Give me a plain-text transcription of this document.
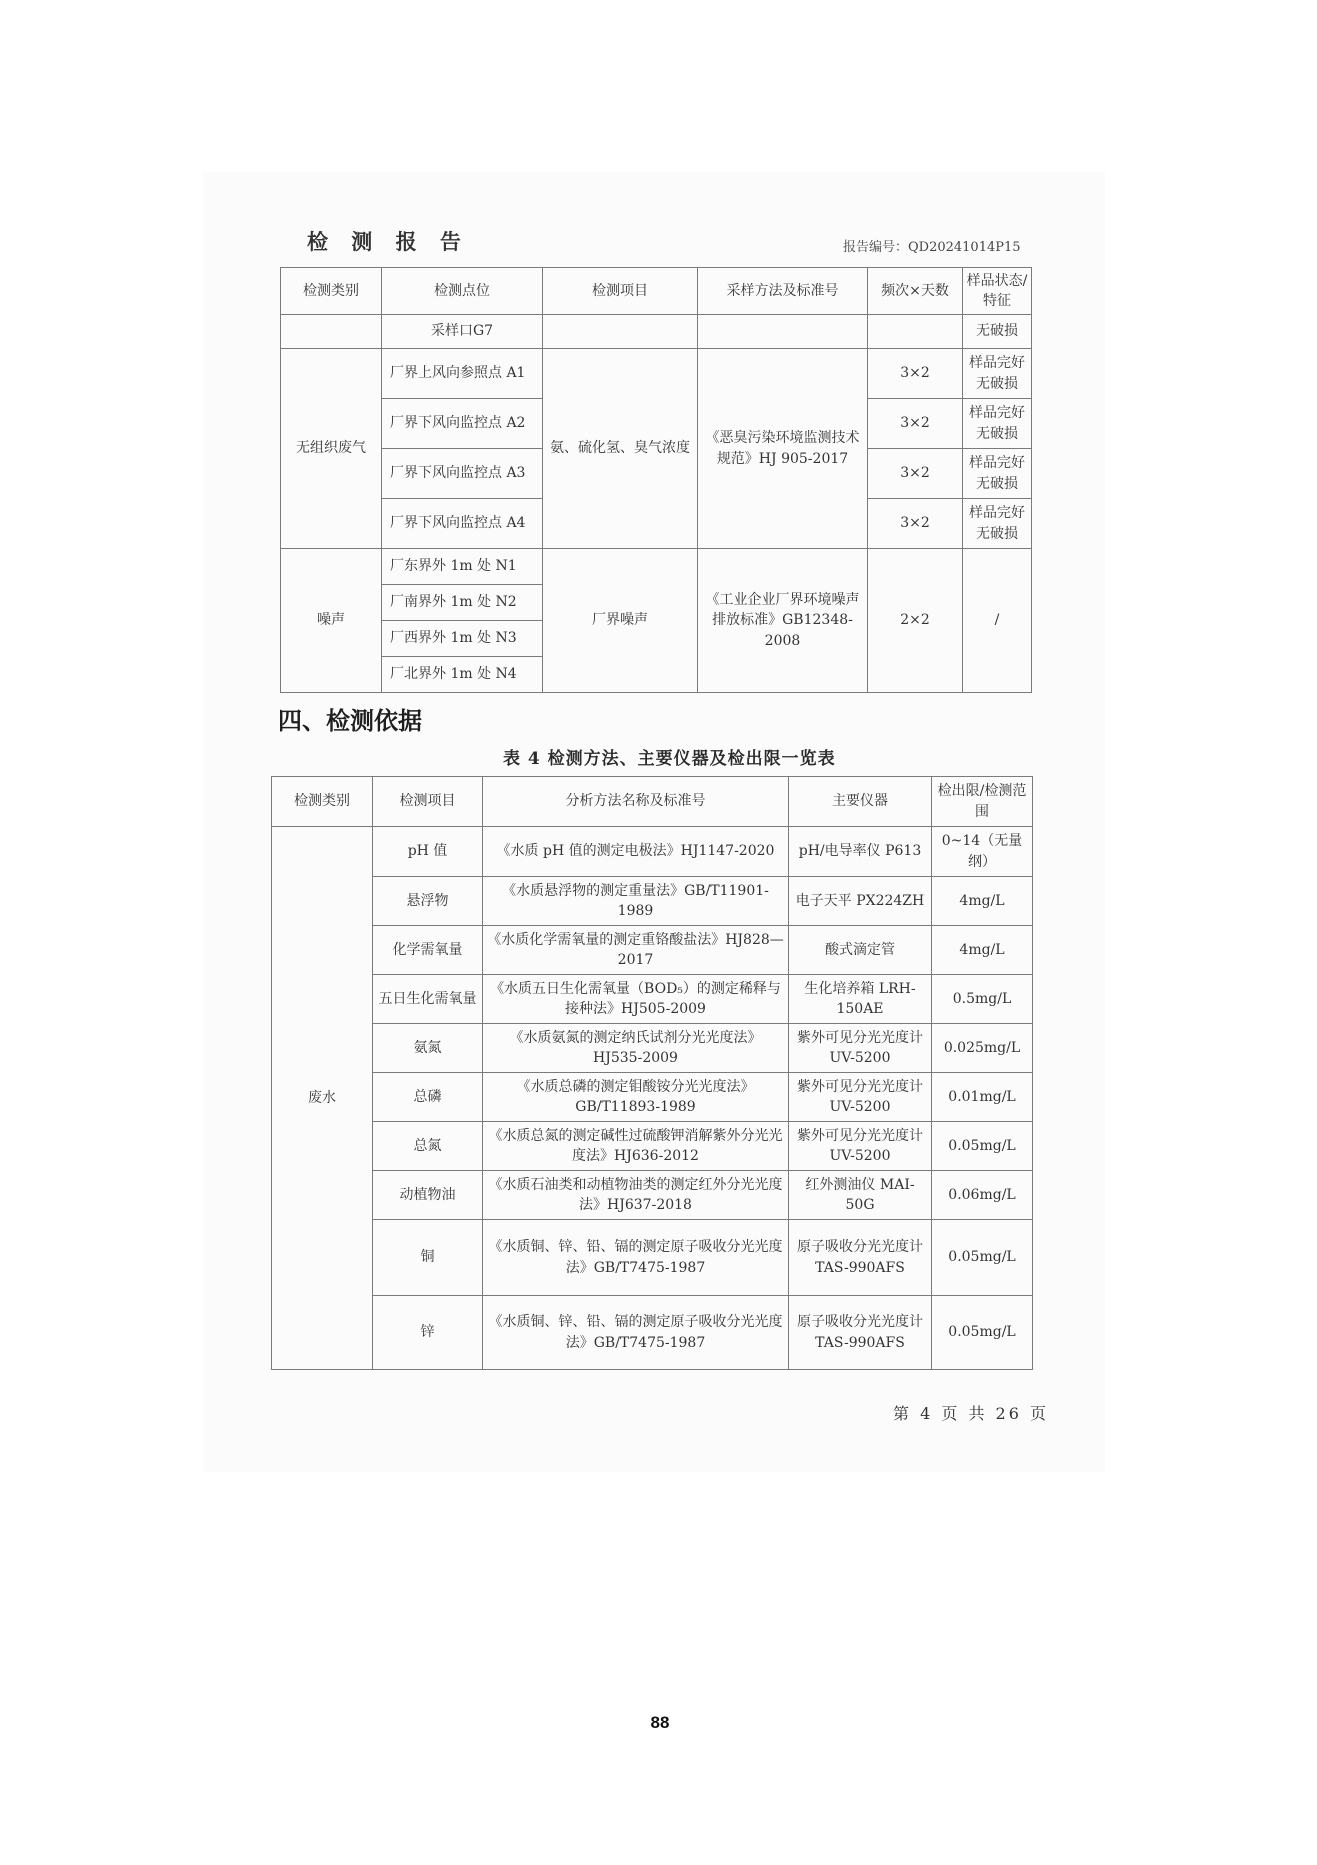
检 测 报 告	报告编号：QD20241014P15
检测类别	检测点位	检测项目	采样方法及标准号	频次×天数	样品状态/特征
	采样口G7				无破损
无组织废气	厂界上风向参照点 A1	氨、硫化氢、臭气浓度	《恶臭污染环境监测技术规范》HJ 905-2017	3×2	样品完好
无破损

	厂界下风向监控点 A2			3×2	样品完好
无破损

	厂界下风向监控点 A3			3×2	样品完好
无破损

	厂界下风向监控点 A4			3×2	样品完好
无破损

噪声	厂东界外 1m 处 N1	厂界噪声	《工业企业厂界环境噪声排放标准》GB12348-2008	2×2	/
	厂南界外 1m 处 N2				
	厂西界外 1m 处 N3				
	厂北界外 1m 处 N4				
四、检测依据
表 4 检测方法、主要仪器及检出限一览表
检测类别	检测项目	分析方法名称及标准号	主要仪器	检出限/检测范围
废水	pH 值	《水质 pH 值的测定电极法》HJ1147-2020	pH/电导率仪 P613	0~14（无量纲）
	悬浮物	《水质悬浮物的测定重量法》GB/T11901-1989	电子天平 PX224ZH	4mg/L
	化学需氧量	《水质化学需氧量的测定重铬酸盐法》HJ828—2017	酸式滴定管	4mg/L
	五日生化需氧量	《水质五日生化需氧量（BOD₅）的测定稀释与接种法》HJ505-2009	生化培养箱 LRH-150AE	0.5mg/L
	氨氮	《水质氨氮的测定纳氏试剂分光光度法》HJ535-2009	紫外可见分光光度计 UV-5200	0.025mg/L
	总磷	《水质总磷的测定钼酸铵分光光度法》GB/T11893-1989	紫外可见分光光度计 UV-5200	0.01mg/L
	总氮	《水质总氮的测定碱性过硫酸钾消解紫外分光光度法》HJ636-2012	紫外可见分光光度计 UV-5200	0.05mg/L
	动植物油	《水质石油类和动植物油类的测定红外分光光度法》HJ637-2018	红外测油仪 MAI-50G	0.06mg/L
	铜	《水质铜、锌、铅、镉的测定原子吸收分光光度法》GB/T7475-1987	原子吸收分光光度计 TAS-990AFS	0.05mg/L
	锌	《水质铜、锌、铅、镉的测定原子吸收分光光度法》GB/T7475-1987	原子吸收分光光度计 TAS-990AFS	0.05mg/L
第 4 页 共 26 页
88
